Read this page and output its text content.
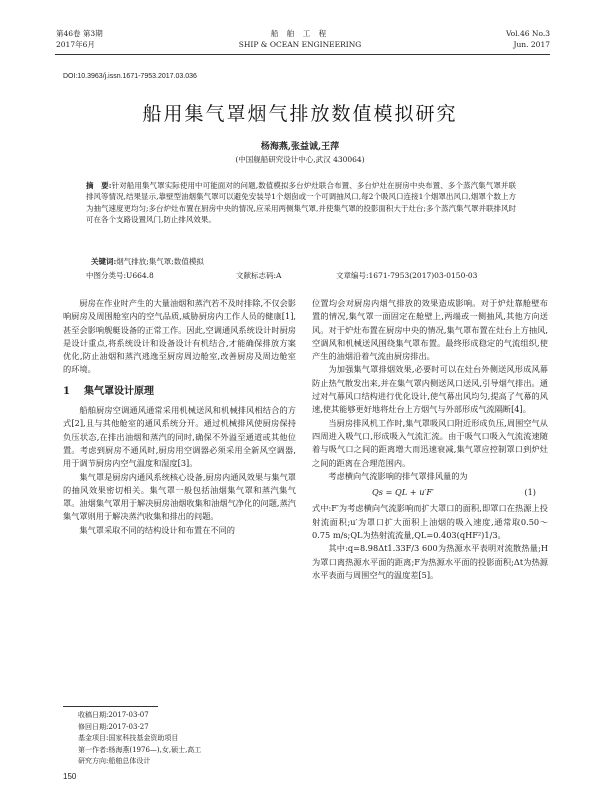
第46卷 第3期
2017年6月
船 舶 工 程
SHIP & OCEAN ENGINEERING
Vol.46 No.3
Jun. 2017
DOI:10.3963/j.issn.1671-7953.2017.03.036
船用集气罩烟气排放数值模拟研究
杨海燕,张益诚,王萍
(中国舰船研究设计中心,武汉 430064)
摘　要:针对船用集气罩实际使用中可能面对的问题,数值模拟多台炉灶联合布置、多台炉灶在厨房中央布置、多个蒸汽集气罩并联排风等情况,结果显示,靠壁型油烟集气罩可以避免安装导1个烟囱或一个可调抽风口,每2个吸风口连接1个烟罩出风口,烟罩个数上方为抽气速度更均匀;多台炉灶布置在厨房中央的情况,应采用两侧集气罩,并使集气罩的投影面积大于灶台;多个蒸汽集气罩并联排风时可在各个支路设置风门,防止排风效果。
关键词:烟气排放;集气罩;数值模拟
中图分类号:U664.8	文献标志码:A	文章编号:1671-7953(2017)03-0150-03

厨房在作业时产生的大量油烟和蒸汽若不及时排除,不仅会影响厨房及周围舱室内的空气品质,威胁厨房内工作人员的健康[1],甚至会影响舰艇设备的正常工作。因此,空调通风系统设计时厨房是设计重点,将系统设计和设备设计有机结合,才能确保排放方案优化,防止油烟和蒸汽逃逸至厨房周边舱室,改善厨房及周边舱室的环境。

1 集气罩设计原理

船舶厨房空调通风通常采用机械送风和机械排风相结合的方式[2],且与其他舱室的通风系统分开。通过机械排风使厨房保持负压状态,在排出油烟和蒸汽的同时,确保不外溢至通道或其他位置。考虑到厨房不通风时,厨房用空调器必须采用全新风空调器,用于调节厨房内空气温度和湿度[3]。

集气罩是厨房内通风系统核心设备,厨房内通风效果与集气罩的抽风效果密切相关。集气罩一般包括油烟集气罩和蒸汽集气罩。油烟集气罩用于解决厨房油烟收集和油烟气净化的问题,蒸汽集气罩则用于解决蒸汽收集和排出的问题。

集气罩采取不同的结构设计和布置在不同的

位置均会对厨房内烟气排放的效果造成影响。对于炉灶靠舱壁布置的情况,集气罩一面固定在舱壁上,两端或一侧抽风,其他方向送风。对于炉灶布置在厨房中央的情况,集气罩布置在灶台上方抽风,空调风和机械送风围绕集气罩布置。最终形成稳定的气流组织,使产生的油烟沿着气流由厨房排出。

为加强集气罩排烟效果,必要时可以在灶台外侧送风形成风幕防止热气散发出来,并在集气罩内侧送风口送风,引导烟气排出。通过对气幕风口结构进行优化设计,使气幕出风均匀,提高了气幕的风速,使其能够更好地将灶台上方烟气与外部形成气流隔断[4]。

当厨房排风机工作时,集气罩吸风口附近形成负压,周围空气从四周进入吸气口,形成吸入气流汇流。由于吸气口吸入气流流速随着与吸气口之间的距离增大而迅速衰减,集气罩应控制罩口到炉灶之间的距离在合理范围内。

考虑横向气流影响的排气罩排风量的为

Qs = QL + u′F′	(1)

式中:F′为考虑横向气流影响而扩大罩口的面积,即罩口在热源上投射流面积;u′为罩口扩大面积上油烟的吸入速度,通常取0.50～0.75 m/s;QL为热射流流量,QL=0.403(qHF²)1/3。

其中:q=8.98Δt1.33F/3 600为热源水平表明对流散热量;H为罩口离热源水平面的距离;F为热源水平面的投影面积;Δt为热源水平表面与周围空气的温度差[5]。

收稿日期:2017-03-07
修回日期:2017-03-27
基金项目:国家科技基金资助项目
第一作者:杨海燕(1976—),女,硕士,高工
研究方向:船舶总体设计
150
